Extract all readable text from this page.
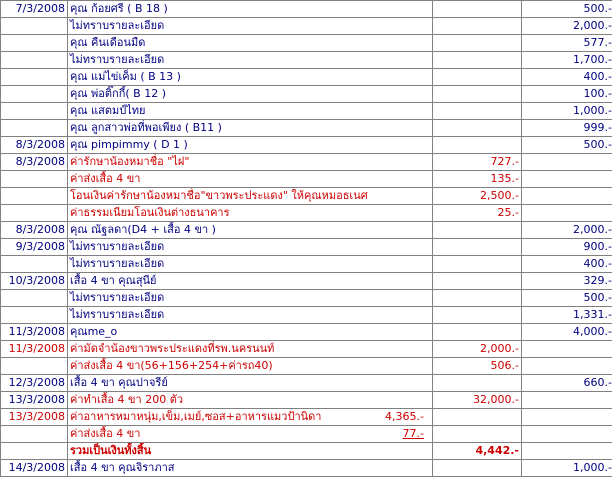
7/3/2008	คุณ ก้อยศรี ( B 18 )		500.-
	ไม่ทราบรายละเอียด		2,000.-
	คุณ คืนเดือนมืด		577.-
	ไม่ทราบรายละเอียด		1,700.-
	คุณ แม่ไข่เค็ม ( B 13 )		400.-
	คุณ พ่อติ๊กกี้( B 12 )		100.-
	คุณ แสตมป์ไทย		1,000.-
	คุณ ลูกสาวพ่อที่พอเพียง ( B11 )		999.-
8/3/2008	คุณ pimpimmy ( D 1 )		500.-
8/3/2008	ค่ารักษาน้องหมาชื่อ "ไฝ"	727.-	
	ค่าส่งเสื้อ 4 ขา	135.-	
	โอนเงินค่ารักษาน้องหมาชื่อ"ขาวพระประแดง" ให้คุณหมอธเนศ	2,500.-	
	ค่าธรรมเนียมโอนเงินต่างธนาคาร	25.-	
8/3/2008	คุณ ณัฐลดา(D4 + เสื้อ 4 ขา )		2,000.-
9/3/2008	ไม่ทราบรายละเอียด		900.-
	ไม่ทราบรายละเอียด		400.-
10/3/2008	เสื้อ 4 ขา คุณสุนีย์		329.-
	ไม่ทราบรายละเอียด		500.-
	ไม่ทราบรายละเอียด		1,331.-
11/3/2008	คุณme_o		4,000.-
11/3/2008	ค่ามัดจำน้องขาวพระประแดงที่รพ.นครนนท์	2,000.-	
	ค่าส่งเสื้อ 4 ขา(56+156+254+ค่ารถ40)	506.-	
12/3/2008	เสื้อ 4 ขา คุณปาจรีย์		660.-
13/3/2008	ค่าทำเสื้อ 4 ขา 200 ตัว	32,000.-	
13/3/2008	ค่าอาหารหมาหนุ่ม,เข็ม,เมย์,ซอส+อาหารแมวป้านิดา 4,365.-		

	ค่าส่งเสื้อ 4 ขา 77.-		

	รวมเป็นเงินทั้งสิ้น	4,442.-	
14/3/2008	เสื้อ 4 ขา คุณจิราภาส		1,000.-
